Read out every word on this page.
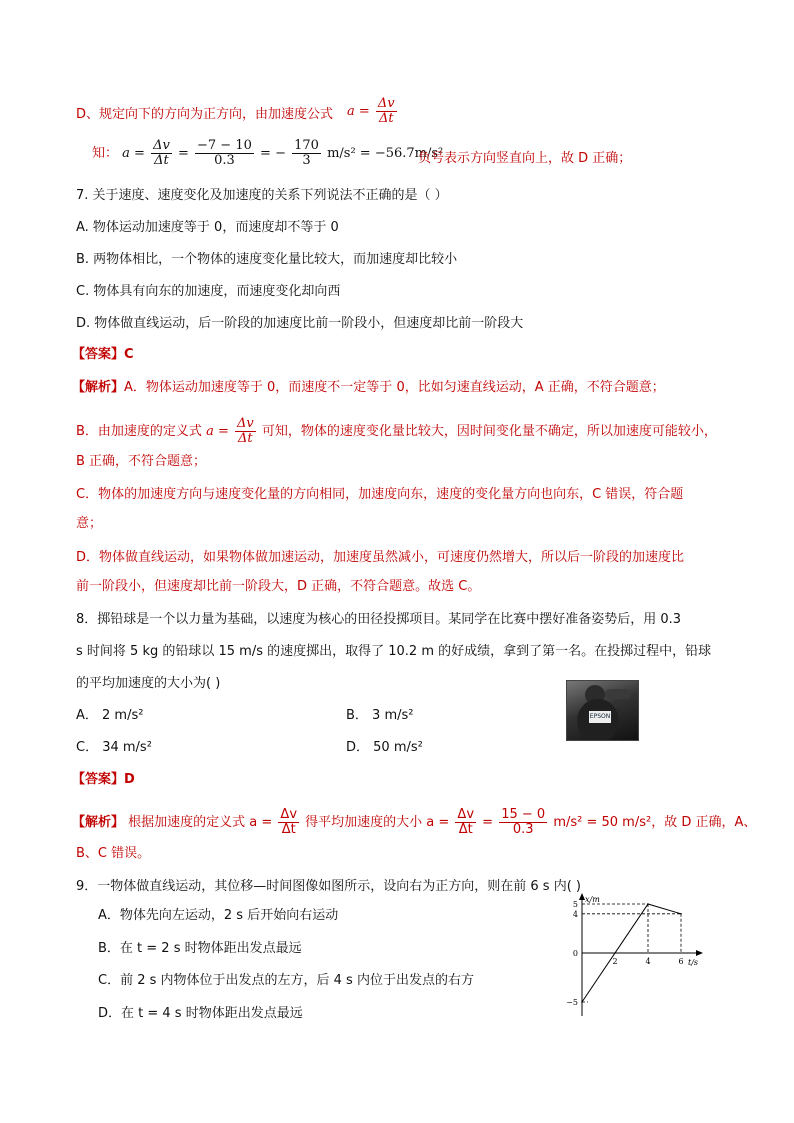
D、规定向下的方向为正方向，由加速度公式 $a = \frac{\Delta v}{\Delta t}$
知： $a = \frac{\Delta v}{\Delta t} = \frac{-7 - 10}{0.3}$ = − $\frac{170}{3} m/s^2 = -56.7m/s^2$
负号表示方向竖直向上，故 D 正确；
7. 关于速度、速度变化及加速度的关系下列说法不正确的是（ ）
A. 物体运动加速度等于 0，而速度却不等于 0
B. 两物体相比，一个物体的速度变化量比较大，而加速度却比较小
C. 物体具有向东的加速度，而速度变化却向西
D. 物体做直线运动，后一阶段的加速度比前一阶段小，但速度却比前一阶段大
【答案】C
【解析】A．物体运动加速度等于 0，而速度不一定等于 0，比如匀速直线运动，A 正确，不符合题意；
B．由加速度的定义式 $a = \frac{\Delta v}{\Delta t}$ 可知，物体的速度变化量比较大，因时间变化量不确定，所以加速度可能较小，
B 正确，不符合题意；
C．物体的加速度方向与速度变化量的方向相同，加速度向东，速度的变化量方向也向东，C 错误，符合题
意；
D．物体做直线运动，如果物体做加速运动，加速度虽然减小，可速度仍然增大，所以后一阶段的加速度比
前一阶段小，但速度却比前一阶段大，D 正确，不符合题意。故选 C。
8．掷铅球是一个以力量为基础，以速度为核心的田径投掷项目。某同学在比赛中摆好准备姿势后，用 0.3
s 时间将 5 kg 的铅球以 15 m/s 的速度掷出，取得了 10.2 m 的好成绩，拿到了第一名。在投掷过程中，铅球
的平均加速度的大小为( )
A． 2 m/s²	B． 3 m/s²
C． 34 m/s²	D． 50 m/s²
EPSON
【答案】D
【解析】 根据加速度的定义式 $a = \frac{\Delta v}{\Delta t}$ 得平均加速度的大小 $a = \frac{\Delta v}{\Delta t} = \frac{15 - 0}{0.3} m/s^2 = 50$ m/s²，故 D 正确，A、
B、C 错误。
9．一物体做直线运动，其位移—时间图像如图所示，设向右为正方向，则在前 6 s 内( )
A．物体先向左运动，2 s 后开始向右运动
B．在 t = 2 s 时物体距出发点最远
C．前 2 s 内物体位于出发点的左方，后 4 s 内位于出发点的右方
D．在 t = 4 s 时物体距出发点最远
x/m
t/s
5
4
0
−5
2	4	6
